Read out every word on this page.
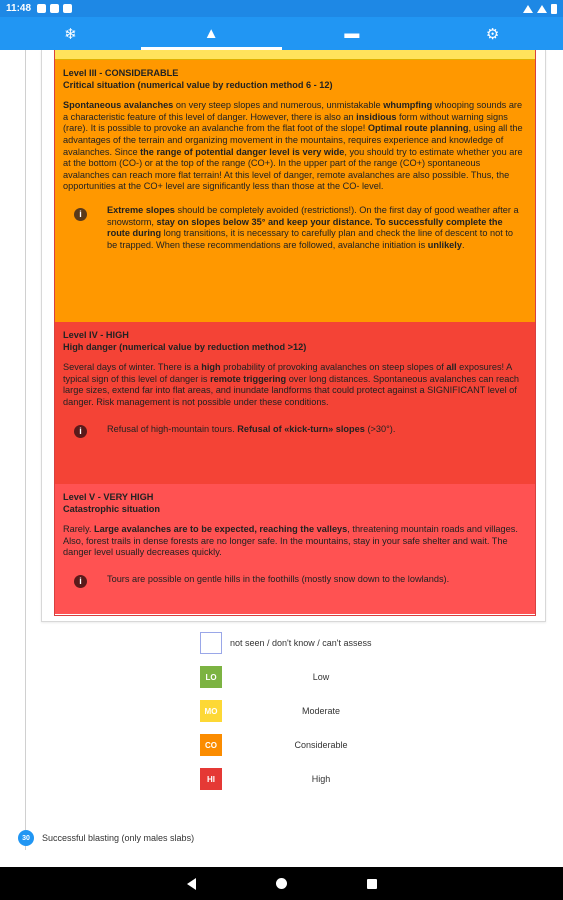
11:48
❄	▲	▬	⚙
Level III - CONSIDERABLE
Critical situation (numerical value by reduction method 6 - 12)

Spontaneous avalanches on very steep slopes and numerous, unmistakable whumpfing whooping sounds are a characteristic feature of this level of danger. However, there is also an insidious form without warning signs (rare). It is possible to provoke an avalanche from the flat foot of the slope! Optimal route planning, using all the advantages of the terrain and organizing movement in the mountains, requires experience and knowledge of avalanches. Since the range of potential danger level is very wide, you should try to estimate whether you are at the bottom (CO-) or at the top of the range (CO+). In the upper part of the range (CO+) spontaneous avalanches can reach more flat terrain! At this level of danger, remote avalanches are also possible. Thus, the opportunities at the CO+ level are significantly less than those at the CO- level.

i	Extreme slopes should be completely avoided (restrictions!). On the first day of good weather after a snowstorm, stay on slopes below 35° and keep your distance. To successfully complete the route during long transitions, it is necessary to carefully plan and check the line of descent to not to be trapped. When these recommendations are followed, avalanche initiation is unlikely.

Level IV - HIGH
High danger (numerical value by reduction method >12)

Several days of winter. There is a high probability of provoking avalanches on steep slopes of all exposures! A typical sign of this level of danger is remote triggering over long distances. Spontaneous avalanches can reach large sizes, extend far into flat areas, and inundate landforms that could protect against a SIGNIFICANT level of danger. Risk management is not possible under these conditions.

i	Refusal of high-mountain tours. Refusal of «kick-turn» slopes (>30°).

Level V - VERY HIGH
Catastrophic situation

Rarely. Large avalanches are to be expected, reaching the valleys, threatening mountain roads and villages. Also, forest trails in dense forests are no longer safe. In the mountains, stay in your safe shelter and wait. The danger level usually decreases quickly.

i	Tours are possible on gentle hills in the foothills (mostly snow down to the lowlands).

not seen / don't know / can't assess
LO	Low
MO	Moderate
CO	Considerable
HI	High
30	Successful blasting (only males slabs)
